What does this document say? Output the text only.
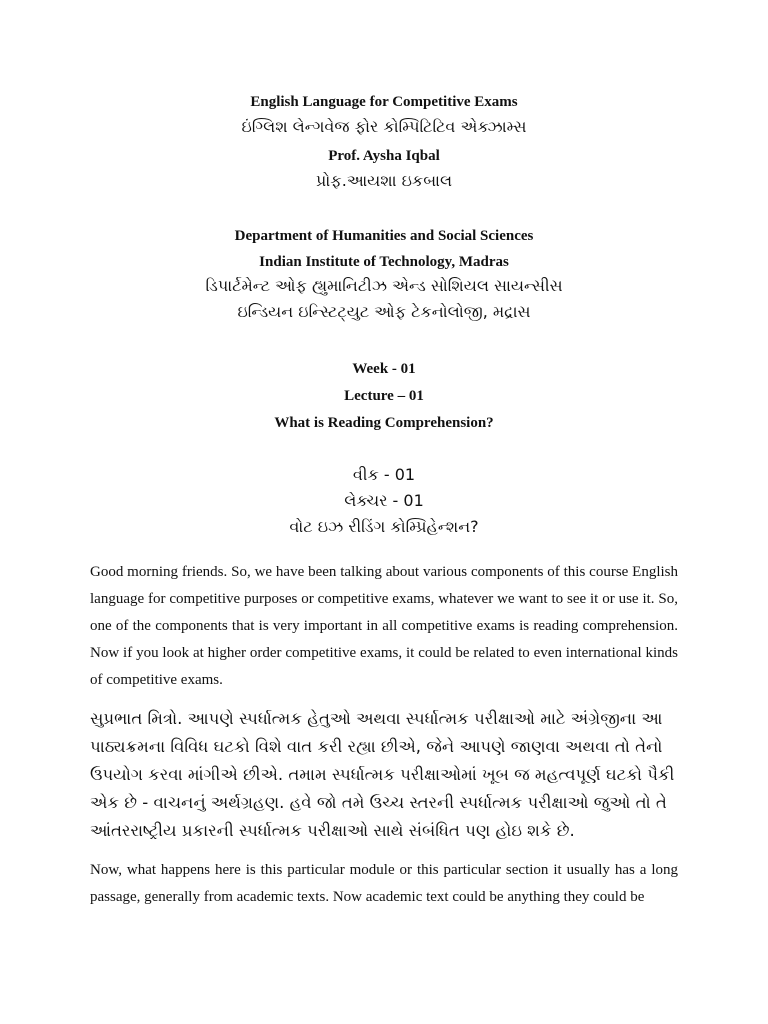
English Language for Competitive Exams

ઇંગ્લિશ લેન્ગવેજ ફોર કોમ્પિટિટિવ એક્ઝામ્સ

Prof. Aysha Iqbal

પ્રોફ.આયશા ઇકબાલ

Department of Humanities and Social Sciences

Indian Institute of Technology, Madras

ડિપાર્ટમેન્ટ ઓફ હ્યુમાનિટીઝ એન્ડ સોશિયલ સાયન્સીસ

ઇન્ડિયન ઇન્સ્ટિટ્યુટ ઓફ ટેકનોલોજી, મદ્રાસ

Week - 01

Lecture – 01

What is Reading Comprehension?

વીક - 01

લેક્ચર - 01

વોટ ઇઝ રીડિંગ કોમ્પ્રિહેન્શન?

Good morning friends. So, we have been talking about various components of this course English language for competitive purposes or competitive exams, whatever we want to see it or use it. So, one of the components that is very important in all competitive exams is reading comprehension. Now if you look at higher order competitive exams, it could be related to even international kinds of competitive exams.

સુપ્રભાત મિત્રો. આપણે સ્પર્ધાત્મક હેતુઓ અથવા સ્પર્ધાત્મક પરીક્ષાઓ માટે અંગ્રેજીના આ પાઠ્યક્રમના વિવિધ ઘટકો વિશે વાત કરી રહ્યા છીએ, જેને આપણે જાણવા અથવા તો તેનો ઉપયોગ કરવા માંગીએ છીએ. તમામ સ્પર્ધાત્મક પરીક્ષાઓમાં ખૂબ જ મહત્વપૂર્ણ ઘટકો પૈકી એક છે - વાચનનું અર્થગ્રહણ. હવે જો તમે ઉચ્ચ સ્તરની સ્પર્ધાત્મક પરીક્ષાઓ જુઓ તો તે આંતરરાષ્ટ્રીય પ્રકારની સ્પર્ધાત્મક પરીક્ષાઓ સાથે સંબંધિત પણ હોઇ શકે છે.

Now, what happens here is this particular module or this particular section it usually has a long passage, generally from academic texts. Now academic text could be anything they could be
